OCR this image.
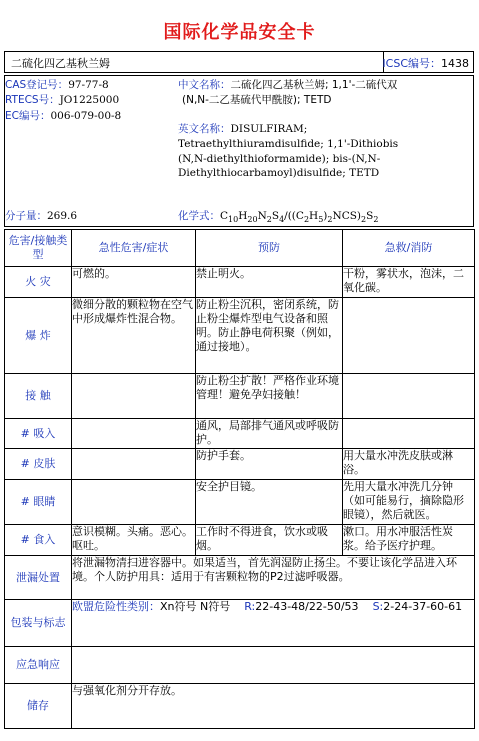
国际化学品安全卡
二硫化四乙基秋兰姆	ICSC编号：1438
CAS登记号：97-77-8
RTECS号：JO1225000
EC编号：006-079-00-8
分子量：269.6
中文名称：二硫化四乙基秋兰姆; 1,1'-二硫代双
(N,N-二乙基硫代甲酰胺); TETD
英文名称：DISULFIRAM;
Tetraethylthiuramdisulfide; 1,1'-Dithiobis
(N,N-diethylthioformamide); bis-(N,N-
Diethylthiocarbamoyl)disulfide; TETD
化学式：$C_{10}H_{20}N_2S_4/((C_2H_5)_2NCS)_2S_2$
危害/接触类型	急性危害/症状	预防	急救/消防
火 灾	可燃的。	禁止明火。	干粉，雾状水，泡沫，二氧化碳。
爆 炸	微细分散的颗粒物在空气中形成爆炸性混合物。	防止粉尘沉积，密闭系统，防止粉尘爆炸型电气设备和照明。防止静电荷积聚（例如，通过接地）。	
接 触		防止粉尘扩散！严格作业环境管理！避免孕妇接触！	
# 吸入		通风，局部排气通风或呼吸防护。	
# 皮肤		防护手套。	用大量水冲洗皮肤或淋浴。
# 眼睛		安全护目镜。	先用大量水冲洗几分钟（如可能易行，摘除隐形眼镜），然后就医。
# 食入	意识模糊。头痛。恶心。呕吐。	工作时不得进食，饮水或吸烟。	漱口。用水冲服活性炭浆。给予医疗护理。
泄漏处置	将泄漏物清扫进容器中。如果适当，首先润湿防止扬尘。不要让该化学品进入环境。个人防护用具：适用于有害颗粒物的P2过滤呼吸器。		
包装与标志	欧盟危险性类别：Xn符号 N符号 R:22-43-48/22-50/53 S:2-24-37-60-61		
应急响应			
储存	与强氧化剂分开存放。		
